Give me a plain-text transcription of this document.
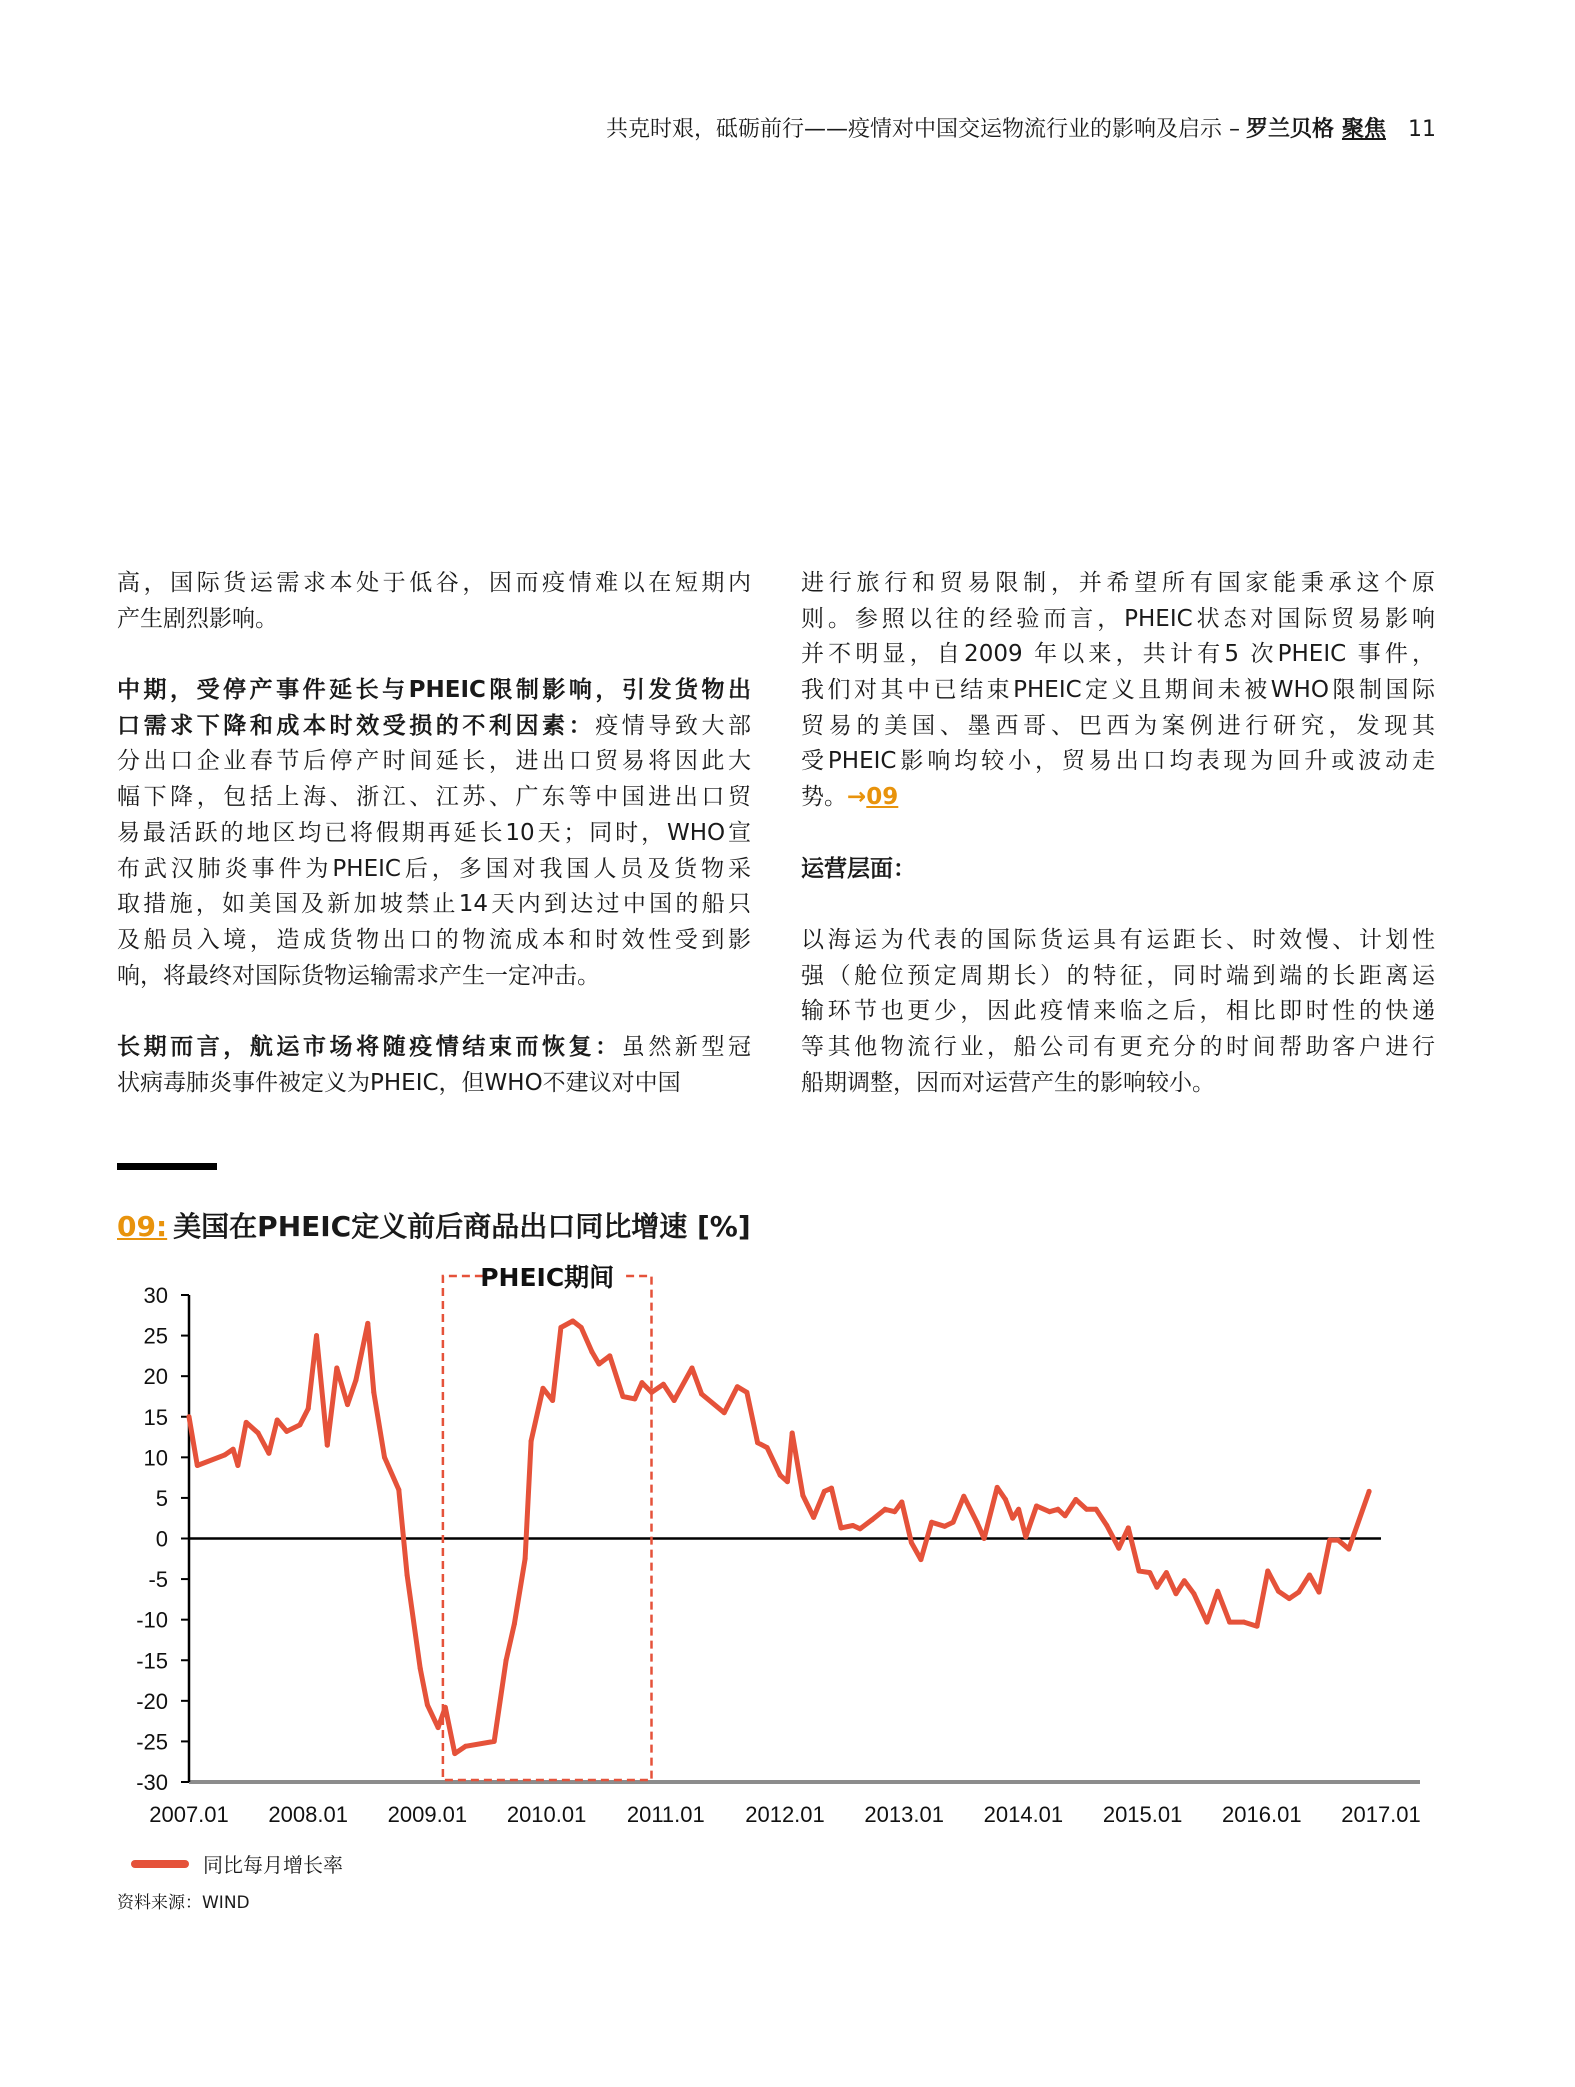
共克时艰，砥砺前行——疫情对中国交运物流行业的影响及启示 – 罗兰贝格 聚焦 11
高，国际货运需求本处于低谷，因而疫情难以在短期内
产生剧烈影响。
中期，受停产事件延长与PHEIC限制影响，引发货物出
口需求下降和成本时效受损的不利因素：疫情导致大部
分出口企业春节后停产时间延长，进出口贸易将因此大
幅下降，包括上海、浙江、江苏、广东等中国进出口贸
易最活跃的地区均已将假期再延长10天；同时，WHO宣
布武汉肺炎事件为PHEIC后，多国对我国人员及货物采
取措施，如美国及新加坡禁止14天内到达过中国的船只
及船员入境，造成货物出口的物流成本和时效性受到影
响，将最终对国际货物运输需求产生一定冲击。
长期而言，航运市场将随疫情结束而恢复：虽然新型冠
状病毒肺炎事件被定义为PHEIC，但WHO不建议对中国
进行旅行和贸易限制，并希望所有国家能秉承这个原
则。参照以往的经验而言，PHEIC状态对国际贸易影响
并不明显，自2009 年以来，共计有5 次PHEIC 事件，
我们对其中已结束PHEIC定义且期间未被WHO限制国际
贸易的美国、墨西哥、巴西为案例进行研究，发现其
受PHEIC影响均较小，贸易出口均表现为回升或波动走
势。→09
运营层面：
以海运为代表的国际货运具有运距长、时效慢、计划性
强（舱位预定周期长）的特征，同时端到端的长距离运
输环节也更少，因此疫情来临之后，相比即时性的快递
等其他物流行业，船公司有更充分的时间帮助客户进行
船期调整，因而对运营产生的影响较小。
09: 美国在PHEIC定义前后商品出口同比增速 [%]
30
25
20
15
10
5
0
-5
-10
-15
-20
-25
-30
2007.01 2008.01 2009.01 2010.01 2011.01 2012.01 2013.01 2014.01 2015.01 2016.01 2017.01
PHEIC期间
同比每月增长率
资料来源：WIND
